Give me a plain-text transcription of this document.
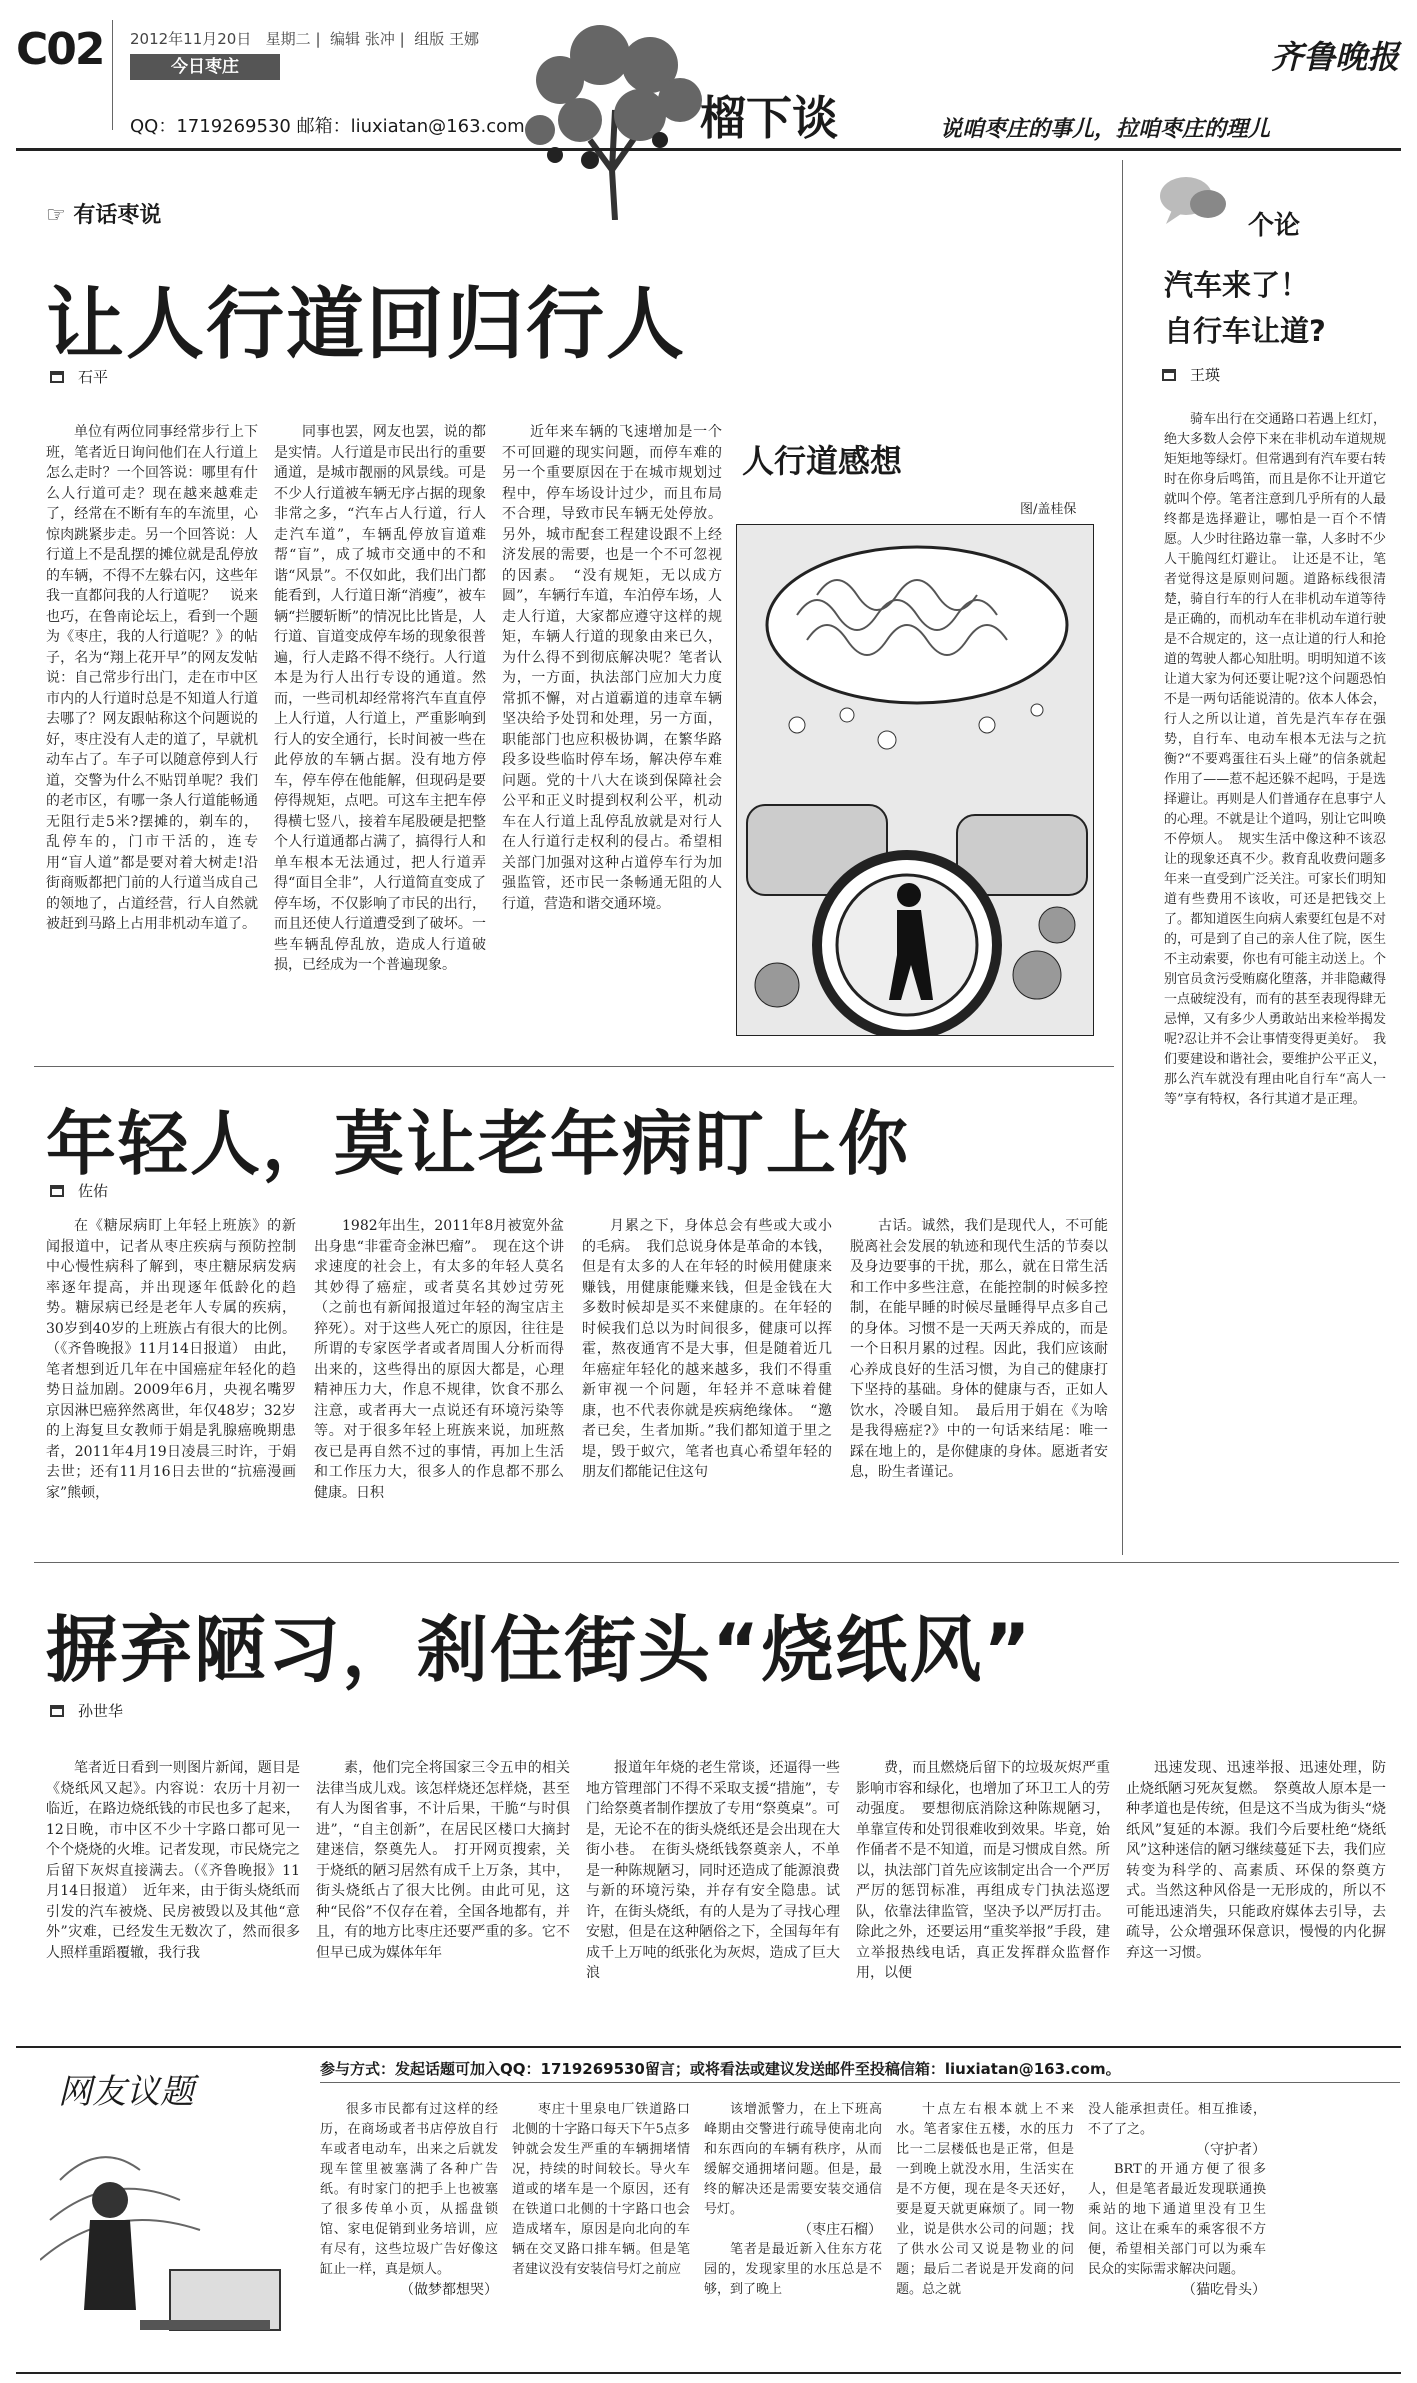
C02 2012年11月20日 星期二 |  编辑 张冲 |  组版 王娜
今日枣庄
QQ：1719269530 邮箱：liuxiatan@163.com
齐鲁晚报
榴下谈	说咱枣庄的事儿，拉咱枣庄的理儿
☞ 有话枣说
让人行道回归行人
石平

单位有两位同事经常步行上下班，笔者近日询问他们在人行道上怎么走时？一个回答说：哪里有什么人行道可走？现在越来越难走了，经常在不断有车的车流里，心惊肉跳紧步走。另一个回答说：人行道上不是乱摆的摊位就是乱停放的车辆，不得不左躲右闪，这些年我一直都问我的人行道呢？　说来也巧，在鲁南论坛上，看到一个题为《枣庄，我的人行道呢？》的帖子，名为“翔上花开早”的网友发帖说：自己常步行出门，走在市中区市内的人行道时总是不知道人行道去哪了？网友跟帖称这个问题说的好，枣庄没有人走的道了，早就机动车占了。车子可以随意停到人行道，交警为什么不贴罚单呢？我们的老市区，有哪一条人行道能畅通无阻行走5米?摆摊的，剃车的，乱停车的，门市干活的，连专用“盲人道”都是要对着大树走!沿街商贩都把门前的人行道当成自己的领地了，占道经营，行人自然就被赶到马路上占用非机动车道了。

同事也罢，网友也罢，说的都是实情。人行道是市民出行的重要通道，是城市靓丽的风景线。可是不少人行道被车辆无序占据的现象非常之多，“汽车占人行道，行人走汽车道”，车辆乱停放盲道难帮“盲”，成了城市交通中的不和谐“风景”。不仅如此，我们出门都能看到，人行道日渐“消瘦”，被车辆“拦腰斩断”的情况比比皆是，人行道、盲道变成停车场的现象很普遍，行人走路不得不绕行。人行道本是为行人出行专设的通道。然而，一些司机却经常将汽车直直停上人行道，人行道上，严重影响到行人的安全通行，长时间被一些在此停放的车辆占据。没有地方停车，停车停在他能解，但现码是要停得规矩，点吧。可这车主把车停得横七竖八，接着车尾股硬是把整个人行道通都占满了，搞得行人和单车根本无法通过，把人行道弄得“面目全非”，人行道简直变成了停车场，不仅影响了市民的出行，而且还使人行道遭受到了破坏。一些车辆乱停乱放，造成人行道破损，已经成为一个普遍现象。

近年来车辆的飞速增加是一个不可回避的现实问题，而停车难的另一个重要原因在于在城市规划过程中，停车场设计过少，而且布局不合理，导致市民车辆无处停放。另外，城市配套工程建设跟不上经济发展的需要，也是一个不可忽视的因素。　“没有规矩，无以成方圆”，车辆行车道，车泊停车场，人走人行道，大家都应遵守这样的规矩，车辆人行道的现象由来已久，为什么得不到彻底解决呢？笔者认为，一方面，执法部门应加大力度常抓不懈，对占道霸道的违章车辆坚决给予处罚和处理，另一方面，职能部门也应积极协调，在繁华路段多设些临时停车场，解决停车难问题。党的十八大在谈到保障社会公平和正义时提到权利公平，机动车在人行道上乱停乱放就是对行人在人行道行走权利的侵占。希望相关部门加强对这种占道停车行为加强监管，还市民一条畅通无阻的人行道，营造和谐交通环境。

人行道感想
图/盖桂保
个论
汽车来了！
自行车让道?
王瑛

骑车出行在交通路口若遇上红灯，绝大多数人会停下来在非机动车道规规矩矩地等绿灯。但常遇到有汽车要右转时在你身后鸣笛，而且是你不让开道它就叫个停。笔者注意到几乎所有的人最终都是选择避让，哪怕是一百个不情愿。人少时往路边靠一靠，人多时不少人干脆闯红灯避让。　让还是不让，笔者觉得这是原则问题。道路标线很清楚，骑自行车的行人在非机动车道等待是正确的，而机动车在非机动车道行驶是不合规定的，这一点让道的行人和抢道的驾驶人都心知肚明。明明知道不该让道大家为何还要让呢?这个问题恐怕不是一两句话能说清的。依本人体会，行人之所以让道，首先是汽车存在强势，自行车、电动车根本无法与之抗衡?“不要鸡蛋往石头上碰”的信条就起作用了——惹不起还躲不起吗，于是选择避让。再则是人们普通存在息事宁人的心理。不就是让个道吗，别让它叫唤不停烦人。　规实生活中像这种不该忍让的现象还真不少。救育乱收费问题多年来一直受到广泛关注。可家长们明知道有些费用不该收，可还是把钱交上了。都知道医生向病人索要红包是不对的，可是到了自己的亲人住了院，医生不主动索要，你也有可能主动送上。个别官员贪污受贿腐化堕落，并非隐藏得一点破绽没有，而有的甚至表现得肆无忌惮，又有多少人勇敢站出来检举揭发呢?忍让并不会让事情变得更美好。　我们要建设和谐社会，要维护公平正义，那么汽车就没有理由叱自行车“高人一等”享有特权，各行其道才是正理。

年轻人，莫让老年病盯上你
佐佑

在《糖尿病盯上年轻上班族》的新闻报道中，记者从枣庄疾病与预防控制中心慢性病科了解到，枣庄糖尿病发病率逐年提高，并出现逐年低龄化的趋势。糖尿病已经是老年人专属的疾病，30岁到40岁的上班族占有很大的比例。（《齐鲁晚报》11月14日报道）　由此，笔者想到近几年在中国癌症年轻化的趋势日益加剧。2009年6月，央视名嘴罗京因淋巴癌猝然离世，年仅48岁；32岁的上海复旦女教师于娟是乳腺癌晚期患者，2011年4月19日凌晨三时许，于娟去世；还有11月16日去世的“抗癌漫画家”熊顿，

1982年出生，2011年8月被宽外盆出身患“非霍奇金淋巴瘤”。　现在这个讲求速度的社会上，有太多的年轻人莫名其妙得了癌症，或者莫名其妙过劳死（之前也有新闻报道过年轻的淘宝店主猝死）。对于这些人死亡的原因，往往是所谓的专家医学者或者周围人分析而得出来的，这些得出的原因大都是，心理精神压力大，作息不规律，饮食不那么注意，或者再大一点说还有环境污染等等。对于很多年轻上班族来说，加班熬夜已是再自然不过的事情，再加上生活和工作压力大，很多人的作息都不那么健康。日积

月累之下，身体总会有些或大或小的毛病。　我们总说身体是革命的本钱，但是有太多的人在年轻的时候用健康来赚钱，用健康能赚来钱，但是金钱在大多数时候却是买不来健康的。在年轻的时候我们总以为时间很多，健康可以挥霍，熬夜通宵不是大事，但是随着近几年癌症年轻化的越来越多，我们不得重新审视一个问题，年轻并不意味着健康，也不代表你就是疾病绝缘体。　“邀者已矣，生者加斯。”我们都知道于里之堤，毁于蚁穴，笔者也真心希望年轻的朋友们都能记住这句

古话。诚然，我们是现代人，不可能脱离社会发展的轨迹和现代生活的节奏以及身边要事的干扰，那么，就在日常生活和工作中多些注意，在能控制的时候多控制，在能早睡的时候尽量睡得早点多自己的身体。习惯不是一天两天养成的，而是一个日积月累的过程。因此，我们应该耐心养成良好的生活习惯，为自己的健康打下坚持的基础。身体的健康与否，正如人饮水，冷暖自知。　最后用于娟在《为啥是我得癌症?》中的一句话来结尾：唯一踩在地上的，是你健康的身体。愿逝者安息，盼生者谨记。

摒弃陋习，刹住街头“烧纸风”
孙世华

笔者近日看到一则图片新闻，题目是《烧纸风又起》。内容说：农历十月初一临近，在路边烧纸钱的市民也多了起来，12日晚，市中区不少十字路口都可见一个个烧烧的火堆。记者发现，市民烧完之后留下灰烬直接满去。（《齐鲁晚报》11月14日报道）　近年来，由于街头烧纸而引发的汽车被烧、民房被毁以及其他“意外”灾难，已经发生无数次了，然而很多人照样重蹈覆辙，我行我

素，他们完全将国家三令五申的相关法律当成儿戏。该怎样烧还怎样烧，甚至有人为图省事，不计后果，干脆“与时俱进”，“自主创新”，在居民区楼口大摘封建迷信，祭奠先人。　打开网页搜索，关于烧纸的陋习居然有成千上万条，其中，街头烧纸占了很大比例。由此可见，这种“民俗”不仅存在着，全国各地都有，并且，有的地方比枣庄还要严重的多。它不但早已成为媒体年年

报道年年烧的老生常谈，还逼得一些地方管理部门不得不采取支援“措施”，专门给祭奠者制作摆放了专用“祭奠桌”。可是，无论不在的街头烧纸还是会出现在大街小巷。　在街头烧纸钱祭奠亲人，不单是一种陈规陋习，同时还造成了能源浪费与新的环境污染，并存有安全隐患。试许，在街头烧纸，有的人是为了寻找心理安慰，但是在这种陋俗之下，全国每年有成千上万吨的纸张化为灰烬，造成了巨大浪

费，而且燃烧后留下的垃圾灰烬严重影响市容和绿化，也增加了环卫工人的劳动强度。　要想彻底消除这种陈规陋习，单靠宣传和处罚很难收到效果。毕竟，始作俑者不是不知道，而是习惯成自然。所以，执法部门首先应该制定出合一个严厉严厉的惩罚标准，再组成专门执法巡逻队，依靠法律监管，坚决予以严厉打击。除此之外，还要运用“重奖举报”手段，建立举报热线电话，真正发挥群众监督作用，以便

迅速发现、迅速举报、迅速处理，防止烧纸陋习死灰复燃。　祭奠故人原本是一种孝道也是传统，但是这不当成为街头“烧纸风”复延的本源。我们今后要杜绝“烧纸风”这种迷信的陋习继续蔓延下去，我们应转变为科学的、高素质、环保的祭奠方式。当然这种风俗是一无形成的，所以不可能迅速消失，只能政府媒体去引导，去疏导，公众增强环保意识，慢慢的内化摒弃这一习惯。

网友议题
参与方式：发起话题可加入QQ：1719269530留言；或将看法或建议发送邮件至投稿信箱：liuxiatan@163.com。

很多市民都有过这样的经历，在商场或者书店停放自行车或者电动车，出来之后就发现车筐里被塞满了各种广告纸。有时家门的把手上也被塞了很多传单小页，从摇盘锁馆、家电促销到业务培训，应有尽有，这些垃圾广告好像这缸止一样，真是烦人。

（做梦都想哭）

枣庄十里泉电厂铁道路口北侧的十字路口每天下午5点多钟就会发生严重的车辆拥堵情况，持续的时间较长。导火车道或的堵车是一个原因，还有在铁道口北侧的十字路口也会造成堵车，原因是向北向的车辆在交叉路口排车辆。但是笔者建议没有安装信号灯之前应

该增派警力，在上下班高峰期由交警进行疏导使南北向和东西向的车辆有秩序，从而缓解交通拥堵问题。但是，最终的解决还是需要安装交通信号灯。

（枣庄石榴）

笔者是最近新入住东方花园的，发现家里的水压总是不够，到了晚上

十点左右根本就上不来水。笔者家住五楼，水的压力比一二层楼低也是正常，但是一到晚上就没水用，生活实在是不方便，现在是冬天还好，要是夏天就更麻烦了。同一物业，说是供水公司的问题；找了供水公司又说是物业的问题；最后二者说是开发商的问题。总之就

没人能承担责任。相互推诿，不了了之。

（守护者）

BRT的开通方便了很多人，但是笔者最近发现联通换乘站的地下通道里没有卫生间。这让在乘车的乘客很不方便，希望相关部门可以为乘车民众的实际需求解决问题。

（猫吃骨头）
